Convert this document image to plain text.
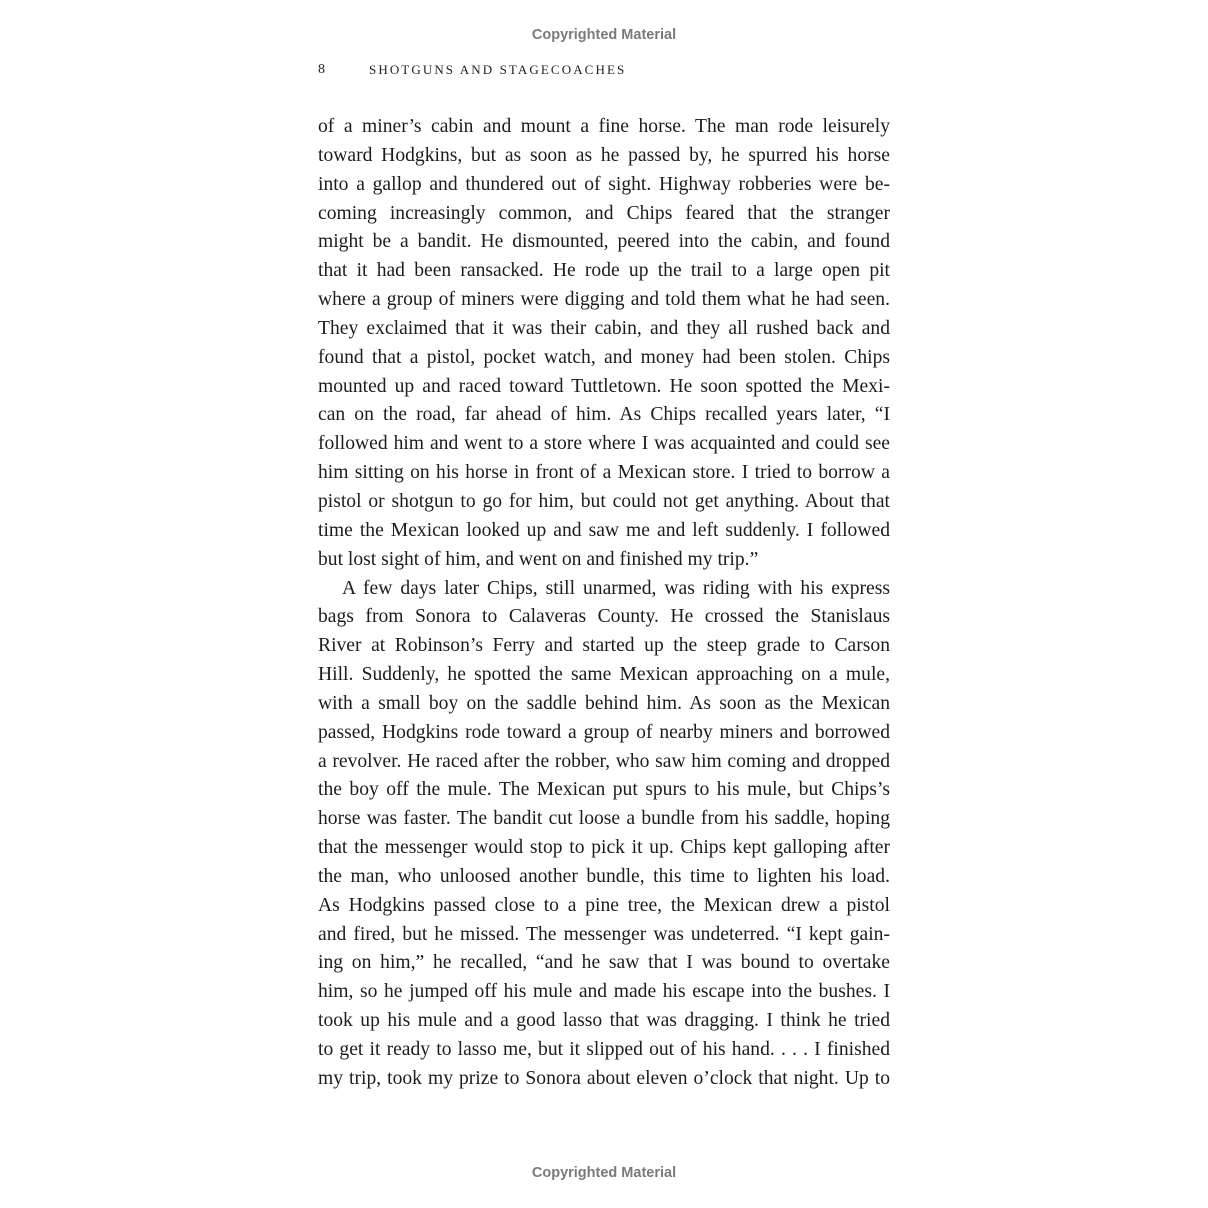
Copyrighted Material
8	SHOTGUNS AND STAGECOACHES
of a miner’s cabin and mount a fine horse. The man rode leisurely
toward Hodgkins, but as soon as he passed by, he spurred his horse
into a gallop and thundered out of sight. Highway robberies were be-
coming increasingly common, and Chips feared that the stranger
might be a bandit. He dismounted, peered into the cabin, and found
that it had been ransacked. He rode up the trail to a large open pit
where a group of miners were digging and told them what he had seen.
They exclaimed that it was their cabin, and they all rushed back and
found that a pistol, pocket watch, and money had been stolen. Chips
mounted up and raced toward Tuttletown. He soon spotted the Mexi-
can on the road, far ahead of him. As Chips recalled years later, “I
followed him and went to a store where I was acquainted and could see
him sitting on his horse in front of a Mexican store. I tried to borrow a
pistol or shotgun to go for him, but could not get anything. About that
time the Mexican looked up and saw me and left suddenly. I followed
but lost sight of him, and went on and finished my trip.”
A few days later Chips, still unarmed, was riding with his express
bags from Sonora to Calaveras County. He crossed the Stanislaus
River at Robinson’s Ferry and started up the steep grade to Carson
Hill. Suddenly, he spotted the same Mexican approaching on a mule,
with a small boy on the saddle behind him. As soon as the Mexican
passed, Hodgkins rode toward a group of nearby miners and borrowed
a revolver. He raced after the robber, who saw him coming and dropped
the boy off the mule. The Mexican put spurs to his mule, but Chips’s
horse was faster. The bandit cut loose a bundle from his saddle, hoping
that the messenger would stop to pick it up. Chips kept galloping after
the man, who unloosed another bundle, this time to lighten his load.
As Hodgkins passed close to a pine tree, the Mexican drew a pistol
and fired, but he missed. The messenger was undeterred. “I kept gain-
ing on him,” he recalled, “and he saw that I was bound to overtake
him, so he jumped off his mule and made his escape into the bushes. I
took up his mule and a good lasso that was dragging. I think he tried
to get it ready to lasso me, but it slipped out of his hand. . . . I finished
my trip, took my prize to Sonora about eleven o’clock that night. Up to
Copyrighted Material
